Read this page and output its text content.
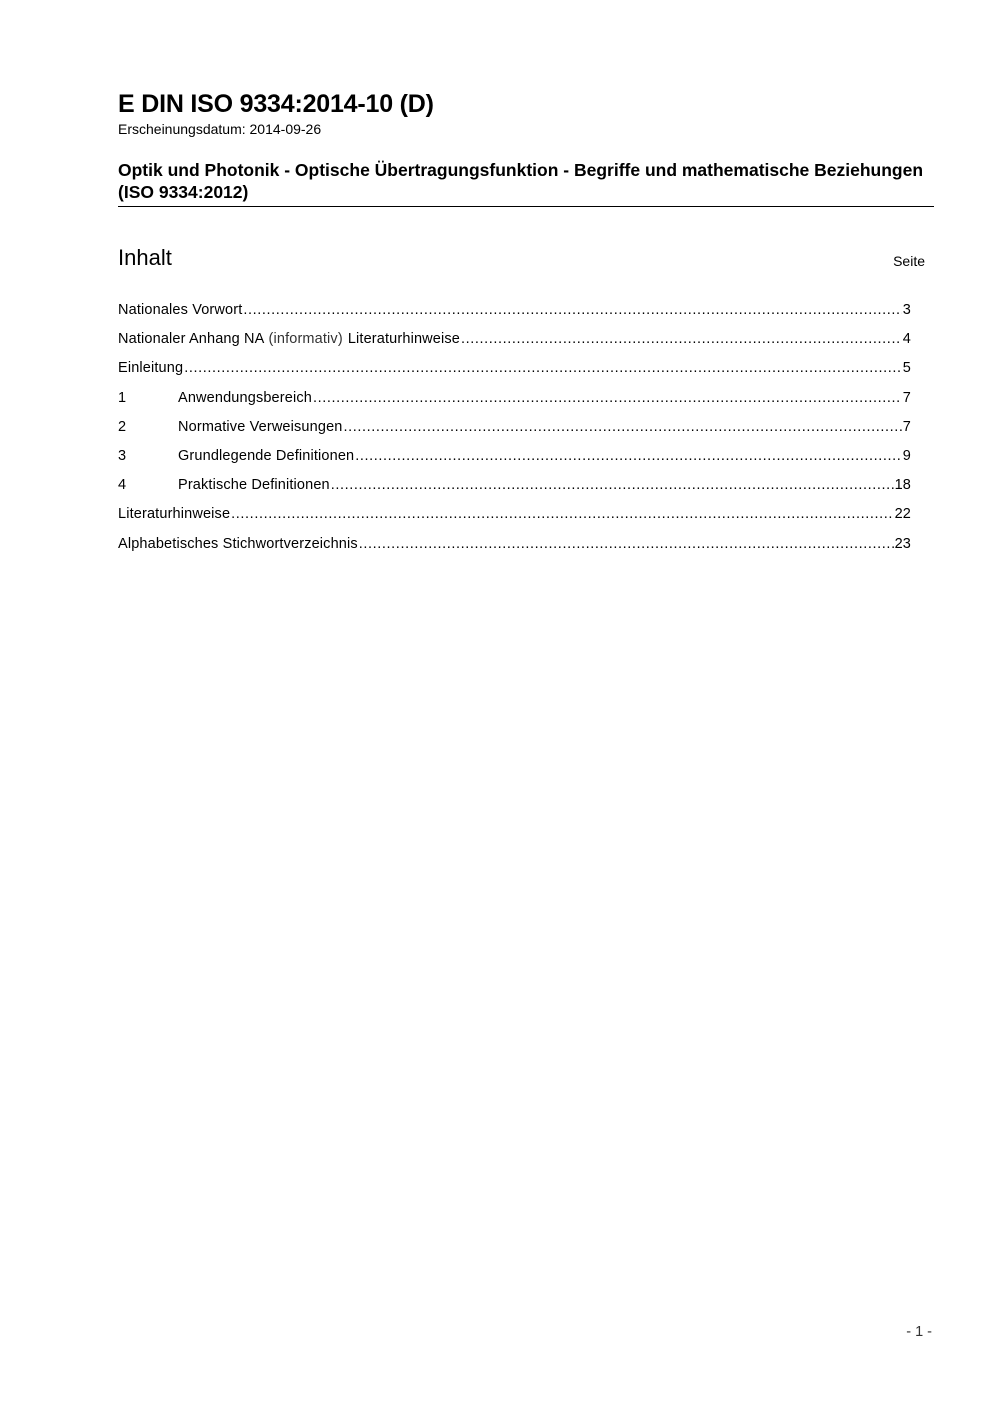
E DIN ISO 9334:2014-10 (D)
Erscheinungsdatum: 2014-09-26
Optik und Photonik - Optische Übertragungsfunktion - Begriffe und mathematische Beziehungen (ISO 9334:2012)
Inhalt	Seite
Nationales Vorwort .....	3
Nationaler Anhang NA (informativ) Literaturhinweise .....	4
Einleitung .....	5
1	Anwendungsbereich .....	7
2	Normative Verweisungen .....	7
3	Grundlegende Definitionen .....	9
4	Praktische Definitionen .....	18
Literaturhinweise .....	22
Alphabetisches Stichwortverzeichnis .....	23
- 1 -
